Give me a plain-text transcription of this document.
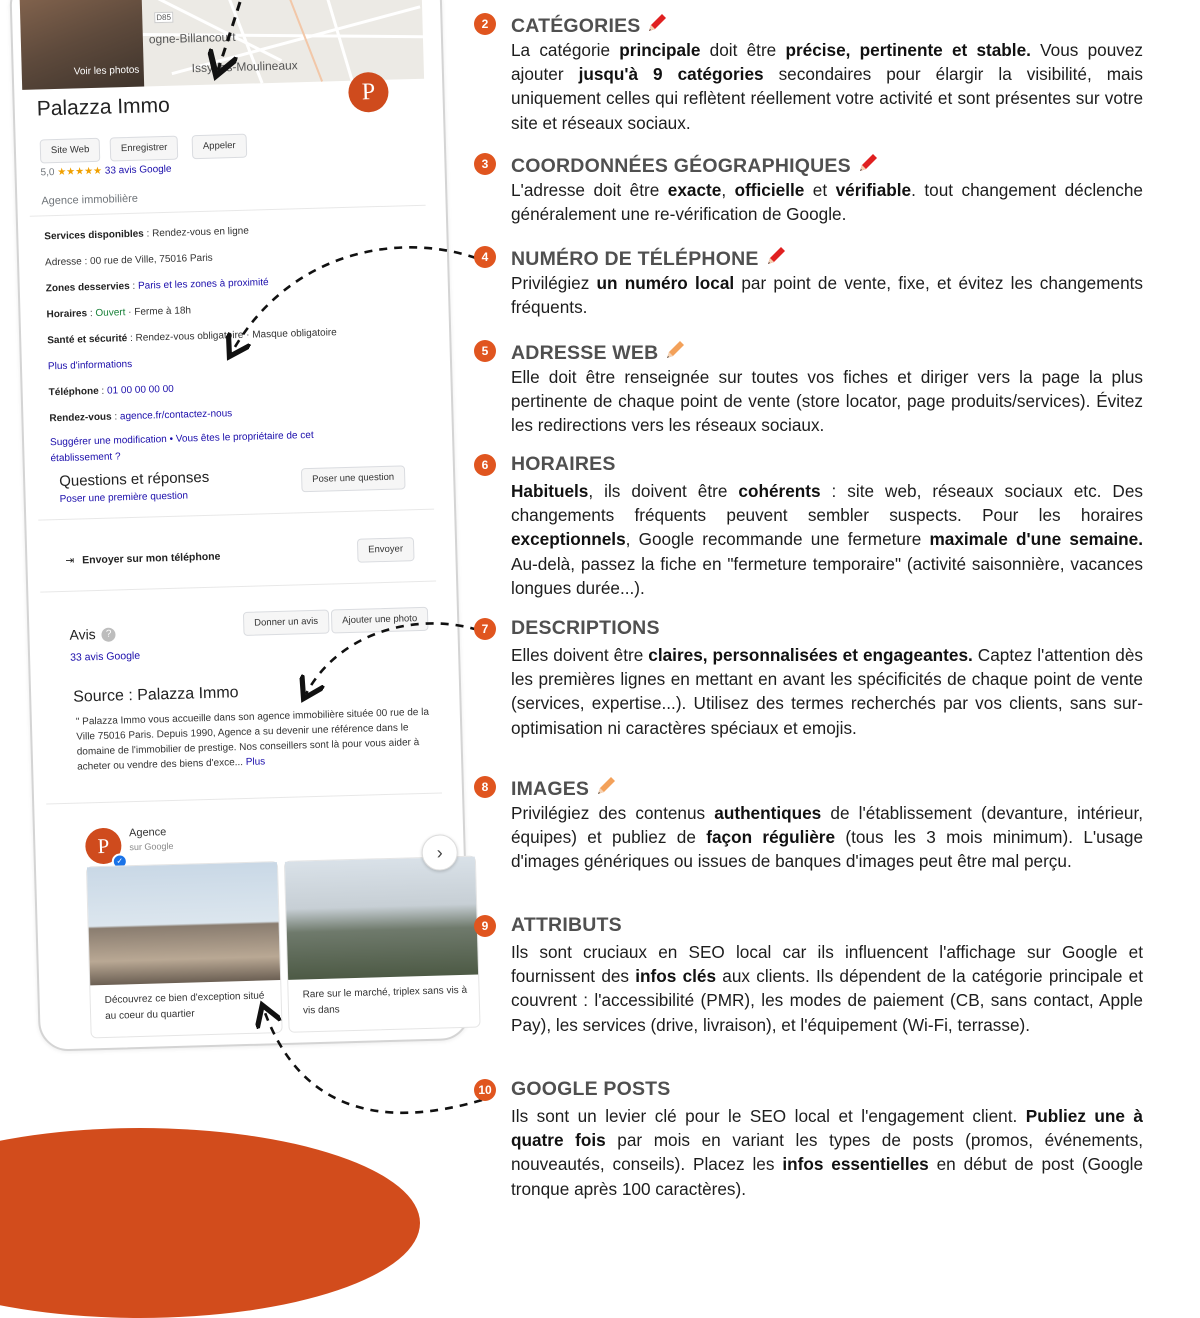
Voir les photos
ogne-Billancourt
Issy-les-Moulineaux
D85
Palazza Immo
P
Site Web	Enregistrer	Appeler
5,0 ★★★★★ 33 avis Google
Agence immobilière
Services disponibles : Rendez-vous en ligne
Adresse : 00 rue de Ville, 75016 Paris
Zones desservies : Paris et les zones à proximité
Horaires : Ouvert · Ferme à 18h
Santé et sécurité : Rendez-vous obligatoire · Masque obligatoire
Plus d'informations
Téléphone : 01 00 00 00 00
Rendez-vous : agence.fr/contactez-nous
Suggérer une modification • Vous êtes le propriétaire de cet
établissement ?
Questions et réponses
Poser une première question
Poser une question
⇥ Envoyer sur mon téléphone
Envoyer
Avis ?
33 avis Google
Donner un avis	Ajouter une photo
Source : Palazza Immo
" Palazza Immo vous accueille dans son agence immobilière située 00 rue de la Ville 75016 Paris. Depuis 1990, Agence a su devenir une référence dans le domaine de l'immobilier de prestige. Nos conseillers sont là pour vous aider à acheter ou vendre des biens d'exce... Plus
P
✓
Agence
sur Google
Découvrez ce bien d'exception situé au coeur du quartier
Rare sur le marché, triplex sans vis à vis dans
›
2	CATÉGORIES
La catégorie principale doit être précise, pertinente et stable. Vous pouvez ajouter jusqu'à 9 catégories secondaires pour élargir la visibilité, mais uniquement celles qui reflètent réellement votre activité et sont présentes sur votre site et réseaux sociaux.
3	COORDONNÉES GÉOGRAPHIQUES
L'adresse doit être exacte, officielle et vérifiable. tout changement déclenche généralement une re-vérification de Google.
4	NUMÉRO DE TÉLÉPHONE
Privilégiez un numéro local par point de vente, fixe, et évitez les changements fréquents.
5	ADRESSE WEB
Elle doit être renseignée sur toutes vos fiches et diriger vers la page la plus pertinente de chaque point de vente (store locator, page produits/services). Évitez les redirections vers les réseaux sociaux.
6	HORAIRES
Habituels, ils doivent être cohérents : site web, réseaux sociaux etc. Des changements fréquents peuvent sembler suspects. Pour les horaires exceptionnels, Google recommande une fermeture maximale d'une semaine. Au-delà, passez la fiche en "fermeture temporaire" (activité saisonnière, vacances longues durée...).
7	DESCRIPTIONS
Elles doivent être claires, personnalisées et engageantes. Captez l'attention dès les premières lignes en mettant en avant les spécificités de chaque point de vente (services, expertise...). Utilisez des termes recherchés par vos clients, sans sur-optimisation ni caractères spéciaux et emojis.
8	IMAGES
Privilégiez des contenus authentiques de l'établissement (devanture, intérieur, équipes) et publiez de façon régulière (tous les 3 mois minimum). L'usage d'images génériques ou issues de banques d'images peut être mal perçu.
9	ATTRIBUTS
Ils sont cruciaux en SEO local car ils influencent l'affichage sur Google et fournissent des infos clés aux clients. Ils dépendent de la catégorie principale et couvrent : l'accessibilité (PMR), les modes de paiement (CB, sans contact, Apple Pay), les services (drive, livraison), et l'équipement (Wi-Fi, terrasse).
10 GOOGLE POSTS
Ils sont un levier clé pour le SEO local et l'engagement client. Publiez une à quatre fois par mois en variant les types de posts (promos, événements, nouveautés, conseils). Placez les infos essentielles en début de post (Google tronque après 100 caractères).
